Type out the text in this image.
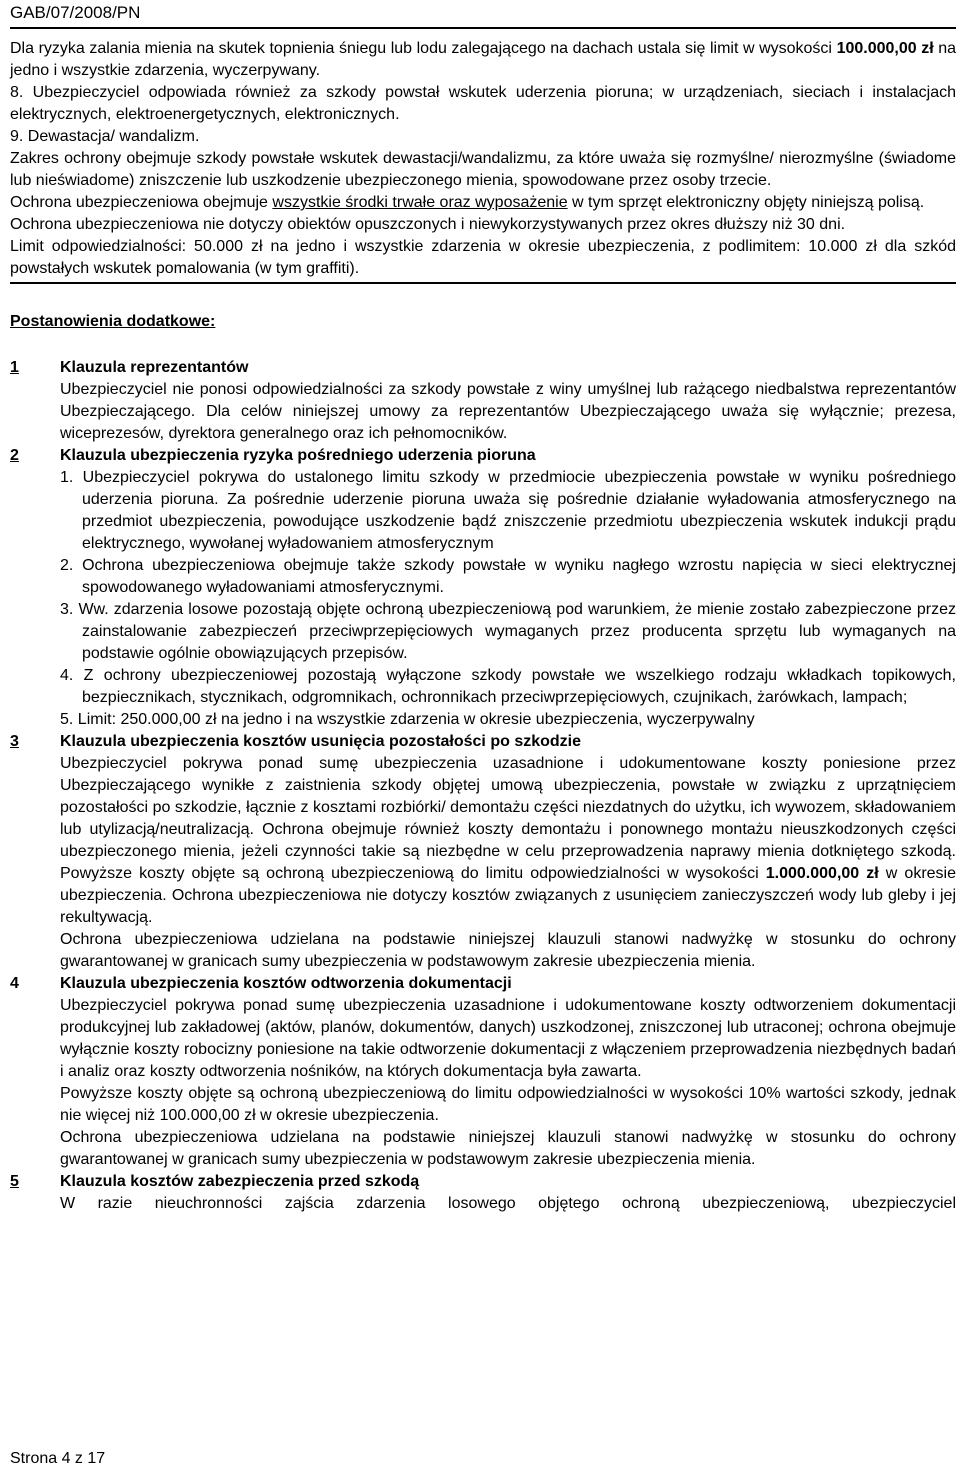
GAB/07/2008/PN

Dla ryzyka zalania mienia na skutek topnienia śniegu lub lodu zalegającego na dachach ustala się limit w wysokości 100.000,00 zł na jedno i wszystkie zdarzenia, wyczerpywany.

8. Ubezpieczyciel odpowiada również za szkody powstał wskutek uderzenia pioruna; w urządzeniach, sieciach i instalacjach elektrycznych, elektroenergetycznych, elektronicznych.

9. Dewastacja/ wandalizm.

Zakres ochrony obejmuje szkody powstałe wskutek dewastacji/wandalizmu, za które uważa się rozmyślne/ nierozmyślne (świadome lub nieświadome) zniszczenie lub uszkodzenie ubezpieczonego mienia, spowodowane przez osoby trzecie.

Ochrona ubezpieczeniowa obejmuje wszystkie środki trwałe oraz wyposażenie w tym sprzęt elektroniczny objęty niniejszą polisą.

Ochrona ubezpieczeniowa nie dotyczy obiektów opuszczonych i niewykorzystywanych przez okres dłuższy niż 30 dni.

Limit odpowiedzialności: 50.000 zł na jedno i wszystkie zdarzenia w okresie ubezpieczenia, z podlimitem: 10.000 zł dla szkód powstałych wskutek pomalowania (w tym graffiti).

Postanowienia dodatkowe:
1	Klauzula reprezentantów

Ubezpieczyciel nie ponosi odpowiedzialności za szkody powstałe z winy umyślnej lub rażącego niedbalstwa reprezentantów Ubezpieczającego. Dla celów niniejszej umowy za reprezentantów Ubezpieczającego uważa się wyłącznie; prezesa, wiceprezesów, dyrektora generalnego oraz ich pełnomocników.

2	Klauzula ubezpieczenia ryzyka pośredniego uderzenia pioruna

1. Ubezpieczyciel pokrywa do ustalonego limitu szkody w przedmiocie ubezpieczenia powstałe w wyniku pośredniego uderzenia pioruna. Za pośrednie uderzenie pioruna uważa się pośrednie działanie wyładowania atmosferycznego na przedmiot ubezpieczenia, powodujące uszkodzenie bądź zniszczenie przedmiotu ubezpieczenia wskutek indukcji prądu elektrycznego, wywołanej wyładowaniem atmosferycznym

2. Ochrona ubezpieczeniowa obejmuje także szkody powstałe w wyniku nagłego wzrostu napięcia w sieci elektrycznej spowodowanego wyładowaniami atmosferycznymi.

3. Ww. zdarzenia losowe pozostają objęte ochroną ubezpieczeniową pod warunkiem, że mienie zostało zabezpieczone przez zainstalowanie zabezpieczeń przeciwprzepięciowych wymaganych przez producenta sprzętu lub wymaganych na podstawie ogólnie obowiązujących przepisów.

4. Z ochrony ubezpieczeniowej pozostają wyłączone szkody powstałe we wszelkiego rodzaju wkładkach topikowych, bezpiecznikach, stycznikach, odgromnikach, ochronnikach przeciwprzepięciowych, czujnikach, żarówkach, lampach;

5. Limit: 250.000,00 zł na jedno i na wszystkie zdarzenia w okresie ubezpieczenia, wyczerpywalny

3	Klauzula ubezpieczenia kosztów usunięcia pozostałości po szkodzie

Ubezpieczyciel pokrywa ponad sumę ubezpieczenia uzasadnione i udokumentowane koszty poniesione przez Ubezpieczającego wynikłe z zaistnienia szkody objętej umową ubezpieczenia, powstałe w związku z uprzątnięciem pozostałości po szkodzie, łącznie z kosztami rozbiórki/ demontażu części niezdatnych do użytku, ich wywozem, składowaniem lub utylizacją/neutralizacją. Ochrona obejmuje również koszty demontażu i ponownego montażu nieuszkodzonych części ubezpieczonego mienia, jeżeli czynności takie są niezbędne w celu przeprowadzenia naprawy mienia dotkniętego szkodą. Powyższe koszty objęte są ochroną ubezpieczeniową do limitu odpowiedzialności w wysokości 1.000.000,00 zł w okresie ubezpieczenia. Ochrona ubezpieczeniowa nie dotyczy kosztów związanych z usunięciem zanieczyszczeń wody lub gleby i jej rekultywacją.

Ochrona ubezpieczeniowa udzielana na podstawie niniejszej klauzuli stanowi nadwyżkę w stosunku do ochrony gwarantowanej w granicach sumy ubezpieczenia w podstawowym zakresie ubezpieczenia mienia.

4	Klauzula ubezpieczenia kosztów odtworzenia dokumentacji

Ubezpieczyciel pokrywa ponad sumę ubezpieczenia uzasadnione i udokumentowane koszty odtworzeniem dokumentacji produkcyjnej lub zakładowej (aktów, planów, dokumentów, danych) uszkodzonej, zniszczonej lub utraconej; ochrona obejmuje wyłącznie koszty robocizny poniesione na takie odtworzenie dokumentacji z włączeniem przeprowadzenia niezbędnych badań i analiz oraz koszty odtworzenia nośników, na których dokumentacja była zawarta.

Powyższe koszty objęte są ochroną ubezpieczeniową do limitu odpowiedzialności w wysokości 10% wartości szkody, jednak nie więcej niż 100.000,00 zł w okresie ubezpieczenia.

Ochrona ubezpieczeniowa udzielana na podstawie niniejszej klauzuli stanowi nadwyżkę w stosunku do ochrony gwarantowanej w granicach sumy ubezpieczenia w podstawowym zakresie ubezpieczenia mienia.

5	Klauzula kosztów zabezpieczenia przed szkodą

W razie nieuchronności zajścia zdarzenia losowego objętego ochroną ubezpieczeniową, ubezpieczyciel

Strona 4 z 17
